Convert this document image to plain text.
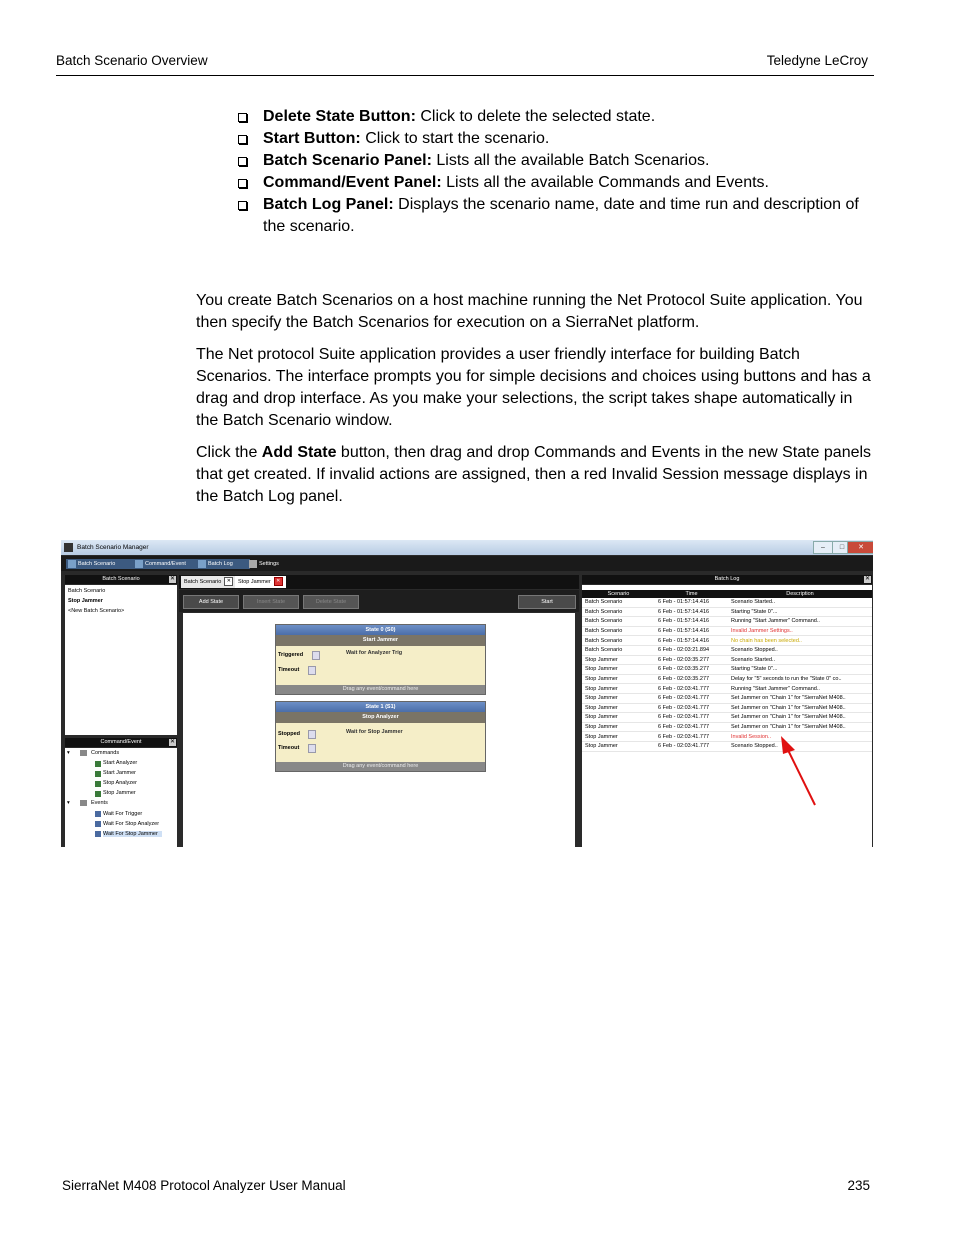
Batch Scenario Overview	Teledyne LeCroy
Delete State Button: Click to delete the selected state.
Start Button: Click to start the scenario.
Batch Scenario Panel: Lists all the available Batch Scenarios.
Command/Event Panel: Lists all the available Commands and Events.
Batch Log Panel: Displays the scenario name, date and time run and description of the scenario.

You create Batch Scenarios on a host machine running the Net Protocol Suite application. You then specify the Batch Scenarios for execution on a SierraNet platform.

The Net protocol Suite application provides a user friendly interface for building Batch Scenarios. The interface prompts you for simple decisions and choices using buttons and has a drag and drop interface. As you make your selections, the script takes shape automatically in the Batch Scenario window.

Click the Add State button, then drag and drop Commands and Events in the new State panels that get created. If invalid actions are assigned, then a red Invalid Session message displays in the Batch Log panel.

Batch Scenario Manager	–	□	✕
Batch Scenario	Command/Event	Batch Log	Settings
Batch Scenario	✕
Batch Scenario
Stop Jammer
<New Batch Scenario>
Command/Event	✕
▾	Commands
Start Analyzer
Start Jammer
Stop Analyzer
Stop Jammer
▾	Events
Wait For Trigger
Wait For Stop Analyzer
Wait For Stop Jammer
Batch Scenario ✕	Stop Jammer ✕
Add State	Insert State	Delete State	Start
State 0 (S0)
Start Jammer
Triggered	Wait for Analyzer Trig
Timeout
Drag any event/command here
State 1 (S1)
Stop Analyzer
Stopped	Wait for Stop Jammer
Timeout
Drag any event/command here
Batch Log	✕
Scenario	Time	Description
Batch Scenario	6 Feb - 01:57:14.416	Scenario Started..
Batch Scenario	6 Feb - 01:57:14.416	Starting "State 0"...
Batch Scenario	6 Feb - 01:57:14.416	Running "Start Jammer" Command..
Batch Scenario	6 Feb - 01:57:14.416	Invalid Jammer Settings..
Batch Scenario	6 Feb - 01:57:14.416	No chain has been selected..
Batch Scenario	6 Feb - 02:03:21.894	Scenario Stopped..
Stop Jammer	6 Feb - 02:03:35.277	Scenario Started..
Stop Jammer	6 Feb - 02:03:35.277	Starting "State 0"...
Stop Jammer	6 Feb - 02:03:35.277	Delay for "5" seconds to run the "State 0" co..
Stop Jammer	6 Feb - 02:03:41.777	Running "Start Jammer" Command..
Stop Jammer	6 Feb - 02:03:41.777	Set Jammer on "Chain 1" for "SierraNet M408..
Stop Jammer	6 Feb - 02:03:41.777	Set Jammer on "Chain 1" for "SierraNet M408..
Stop Jammer	6 Feb - 02:03:41.777	Set Jammer on "Chain 1" for "SierraNet M408..
Stop Jammer	6 Feb - 02:03:41.777	Set Jammer on "Chain 1" for "SierraNet M408..
Stop Jammer	6 Feb - 02:03:41.777	Invalid Session..
Stop Jammer	6 Feb - 02:03:41.777	Scenario Stopped..
SierraNet M408 Protocol Analyzer User Manual	235
